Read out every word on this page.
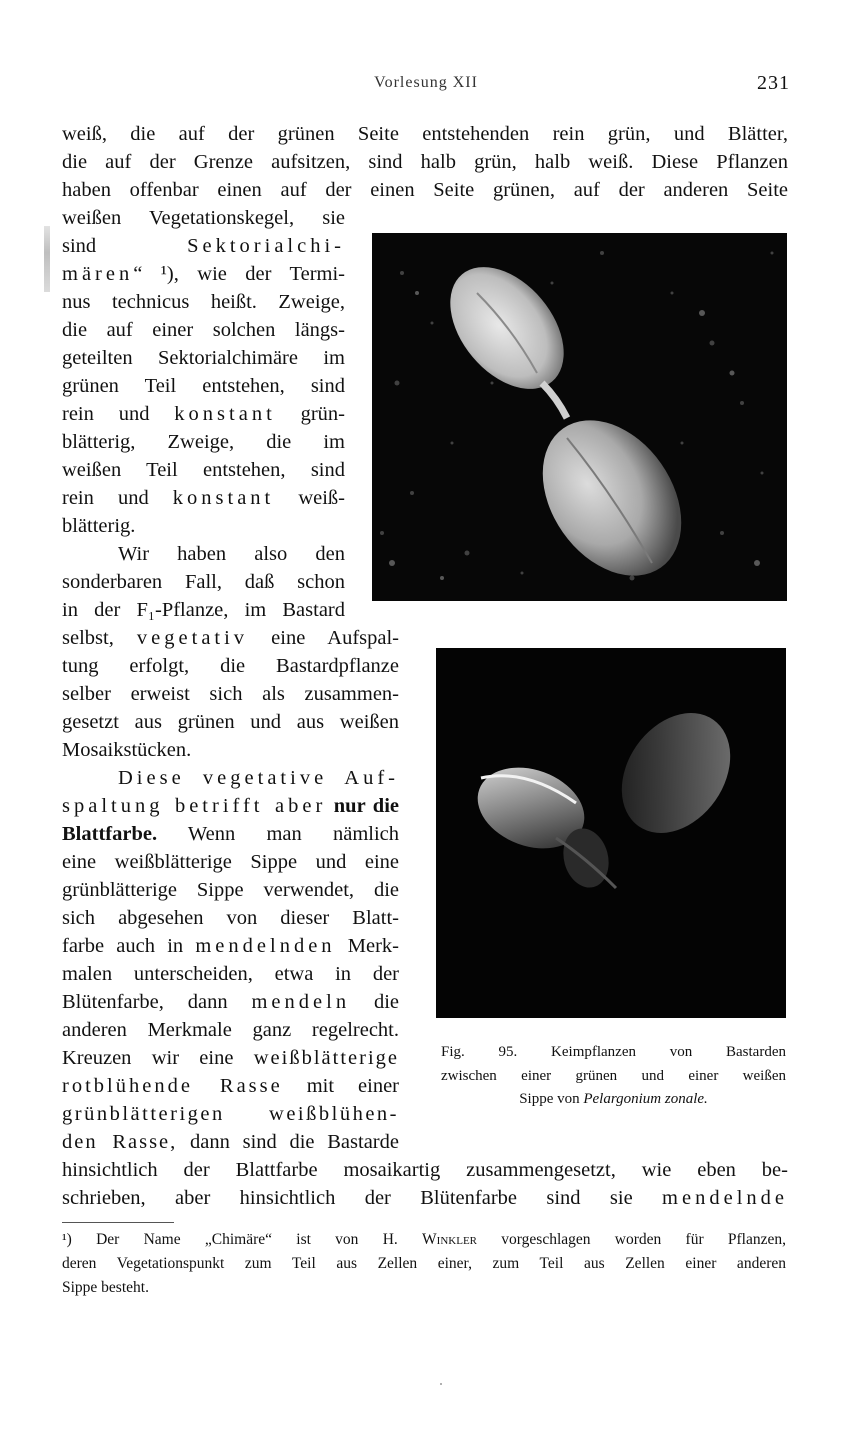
Vorlesung XII	231
weiß, die auf der grünen Seite entstehenden rein grün, und Blätter,
die auf der Grenze aufsitzen, sind halb grün, halb weiß. Diese Pflanzen
haben offenbar einen auf der einen Seite grünen, auf der anderen Seite
weißen Vegetationskegel, sie
sind Sektorialchi-
mären“ ¹), wie der Termi-
nus technicus heißt. Zweige,
die auf einer solchen längs-
geteilten Sektorialchimäre im
grünen Teil entstehen, sind
rein und konstant grün-
blätterig, Zweige, die im
weißen Teil entstehen, sind
rein und konstant weiß-
blätterig.
Wir haben also den
sonderbaren Fall, daß schon
in der F₁-Pflanze, im Bastard
selbst, vegetativ eine Aufspal-
tung erfolgt, die Bastardpflanze
selber erweist sich als zusammen-
gesetzt aus grünen und aus weißen
Mosaikstücken.
Diese vegetative Auf-
spaltung betrifft aber nur die
Blattfarbe. Wenn man nämlich
eine weißblätterige Sippe und eine
grünblätterige Sippe verwendet, die
sich abgesehen von dieser Blatt-
farbe auch in mendelnden Merk-
malen unterscheiden, etwa in der
Blütenfarbe, dann mendeln die
anderen Merkmale ganz regelrecht.
Kreuzen wir eine weißblätterige
rotblühende Rasse mit einer
grünblätterigen weißblühen-
den Rasse, dann sind die Bastarde
hinsichtlich der Blattfarbe mosaikartig zusammengesetzt, wie eben be-
schrieben, aber hinsichtlich der Blütenfarbe sind sie mendelnde
Fig. 95. Keimpflanzen von Bastarden
zwischen einer grünen und einer weißen
Sippe von Pelargonium zonale.
¹) Der Name „Chimäre“ ist von H. Winkler vorgeschlagen worden für Pflanzen,
deren Vegetationspunkt zum Teil aus Zellen einer, zum Teil aus Zellen einer anderen
Sippe besteht.
